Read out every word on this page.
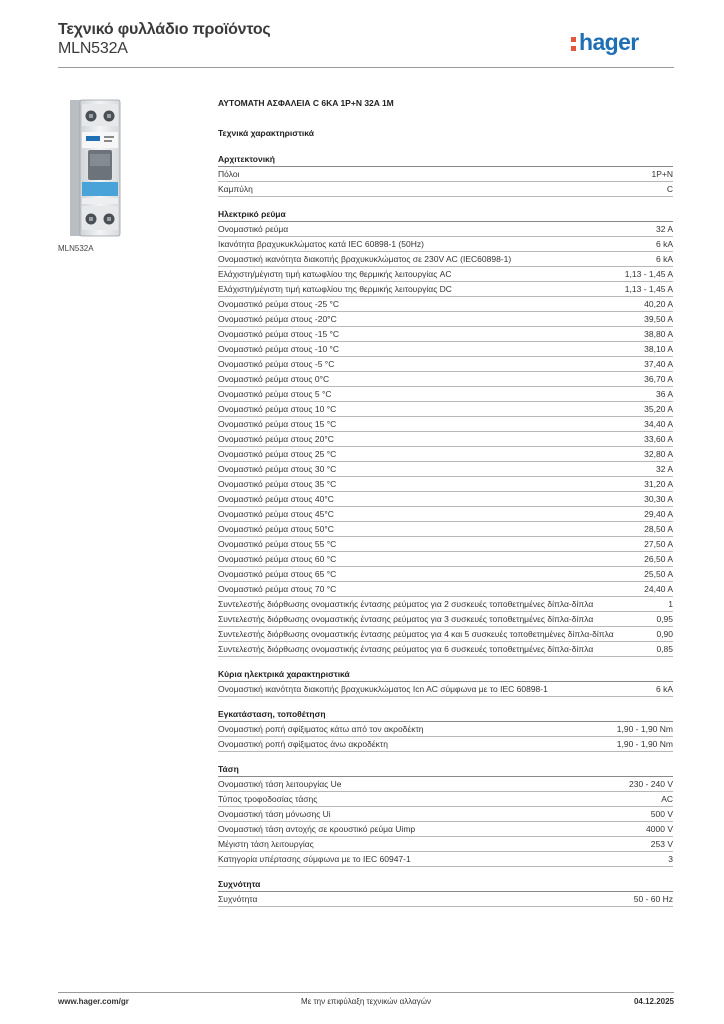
Τεχνικό φυλλάδιο προϊόντος
MLN532A	hager
MLN532A
ΑΥΤΟΜΑΤΗ ΑΣΦΑΛΕΙΑ C 6KA 1P+N 32A 1M
Τεχνικά χαρακτηριστικά
Αρχιτεκτονική
Πόλοι	1P+N
Καμπύλη	C
Ηλεκτρικό ρεύμα
Ονομαστικό ρεύμα	32 A
Ικανότητα βραχυκυκλώματος κατά IEC 60898-1 (50Hz)	6 kA
Ονομαστική ικανότητα διακοπής βραχυκυκλώματος σε 230V AC (IEC60898-1)	6 kA
Ελάχιστη/μέγιστη τιμή κατωφλίου της θερμικής λειτουργίας AC	1,13 - 1,45 A
Ελάχιστη/μέγιστη τιμή κατωφλίου της θερμικής λειτουργίας DC	1,13 - 1,45 A
Ονομαστικό ρεύμα στους -25 °C	40,20 A
Ονομαστικό ρεύμα στους -20°C	39,50 A
Ονομαστικό ρεύμα στους -15 °C	38,80 A
Ονομαστικό ρεύμα στους -10 °C	38,10 A
Ονομαστικό ρεύμα στους -5 °C	37,40 A
Ονομαστικό ρεύμα στους 0°C	36,70 A
Ονομαστικό ρεύμα στους 5 °C	36 A
Ονομαστικό ρεύμα στους 10 °C	35,20 A
Ονομαστικό ρεύμα στους 15 °C	34,40 A
Ονομαστικό ρεύμα στους 20°C	33,60 A
Ονομαστικό ρεύμα στους 25 °C	32,80 A
Ονομαστικό ρεύμα στους 30 °C	32 A
Ονομαστικό ρεύμα στους 35 °C	31,20 A
Ονομαστικό ρεύμα στους 40°C	30,30 A
Ονομαστικό ρεύμα στους 45°C	29,40 A
Ονομαστικό ρεύμα στους 50°C	28,50 A
Ονομαστικό ρεύμα στους 55 °C	27,50 A
Ονομαστικό ρεύμα στους 60 °C	26,50 A
Ονομαστικό ρεύμα στους 65 °C	25,50 A
Ονομαστικό ρεύμα στους 70 °C	24,40 A
Συντελεστής διόρθωσης ονομαστικής έντασης ρεύματος για 2 συσκευές τοποθετημένες δίπλα-δίπλα	1
Συντελεστής διόρθωσης ονομαστικής έντασης ρεύματος για 3 συσκευές τοποθετημένες δίπλα-δίπλα	0,95
Συντελεστής διόρθωσης ονομαστικής έντασης ρεύματος για 4 και 5 συσκευές τοποθετημένες δίπλα-δίπλα	0,90
Συντελεστής διόρθωσης ονομαστικής έντασης ρεύματος για 6 συσκευές τοποθετημένες δίπλα-δίπλα	0,85
Κύρια ηλεκτρικά χαρακτηριστικά
Ονομαστική ικανότητα διακοπής βραχυκυκλώματος Icn AC σύμφωνα με το IEC 60898-1	6 kA
Εγκατάσταση, τοποθέτηση
Ονομαστική ροπή σφίξιματος κάτω από τον ακροδέκτη	1,90 - 1,90 Nm
Ονομαστική ροπή σφίξιματος άνω ακροδέκτη	1,90 - 1,90 Nm
Τάση
Ονομαστική τάση λειτουργίας Ue	230 - 240 V
Τύπος τροφοδοσίας τάσης	AC
Ονομαστική τάση μόνωσης Ui	500 V
Ονομαστική τάση αντοχής σε κρουστικό ρεύμα Uimp	4000 V
Μέγιστη τάση λειτουργίας	253 V
Κατηγορία υπέρτασης σύμφωνα με το IEC 60947-1	3
Συχνότητα
Συχνότητα	50 - 60 Hz
www.hager.com/gr	Με την επιφύλαξη τεχνικών αλλαγών	04.12.2025
